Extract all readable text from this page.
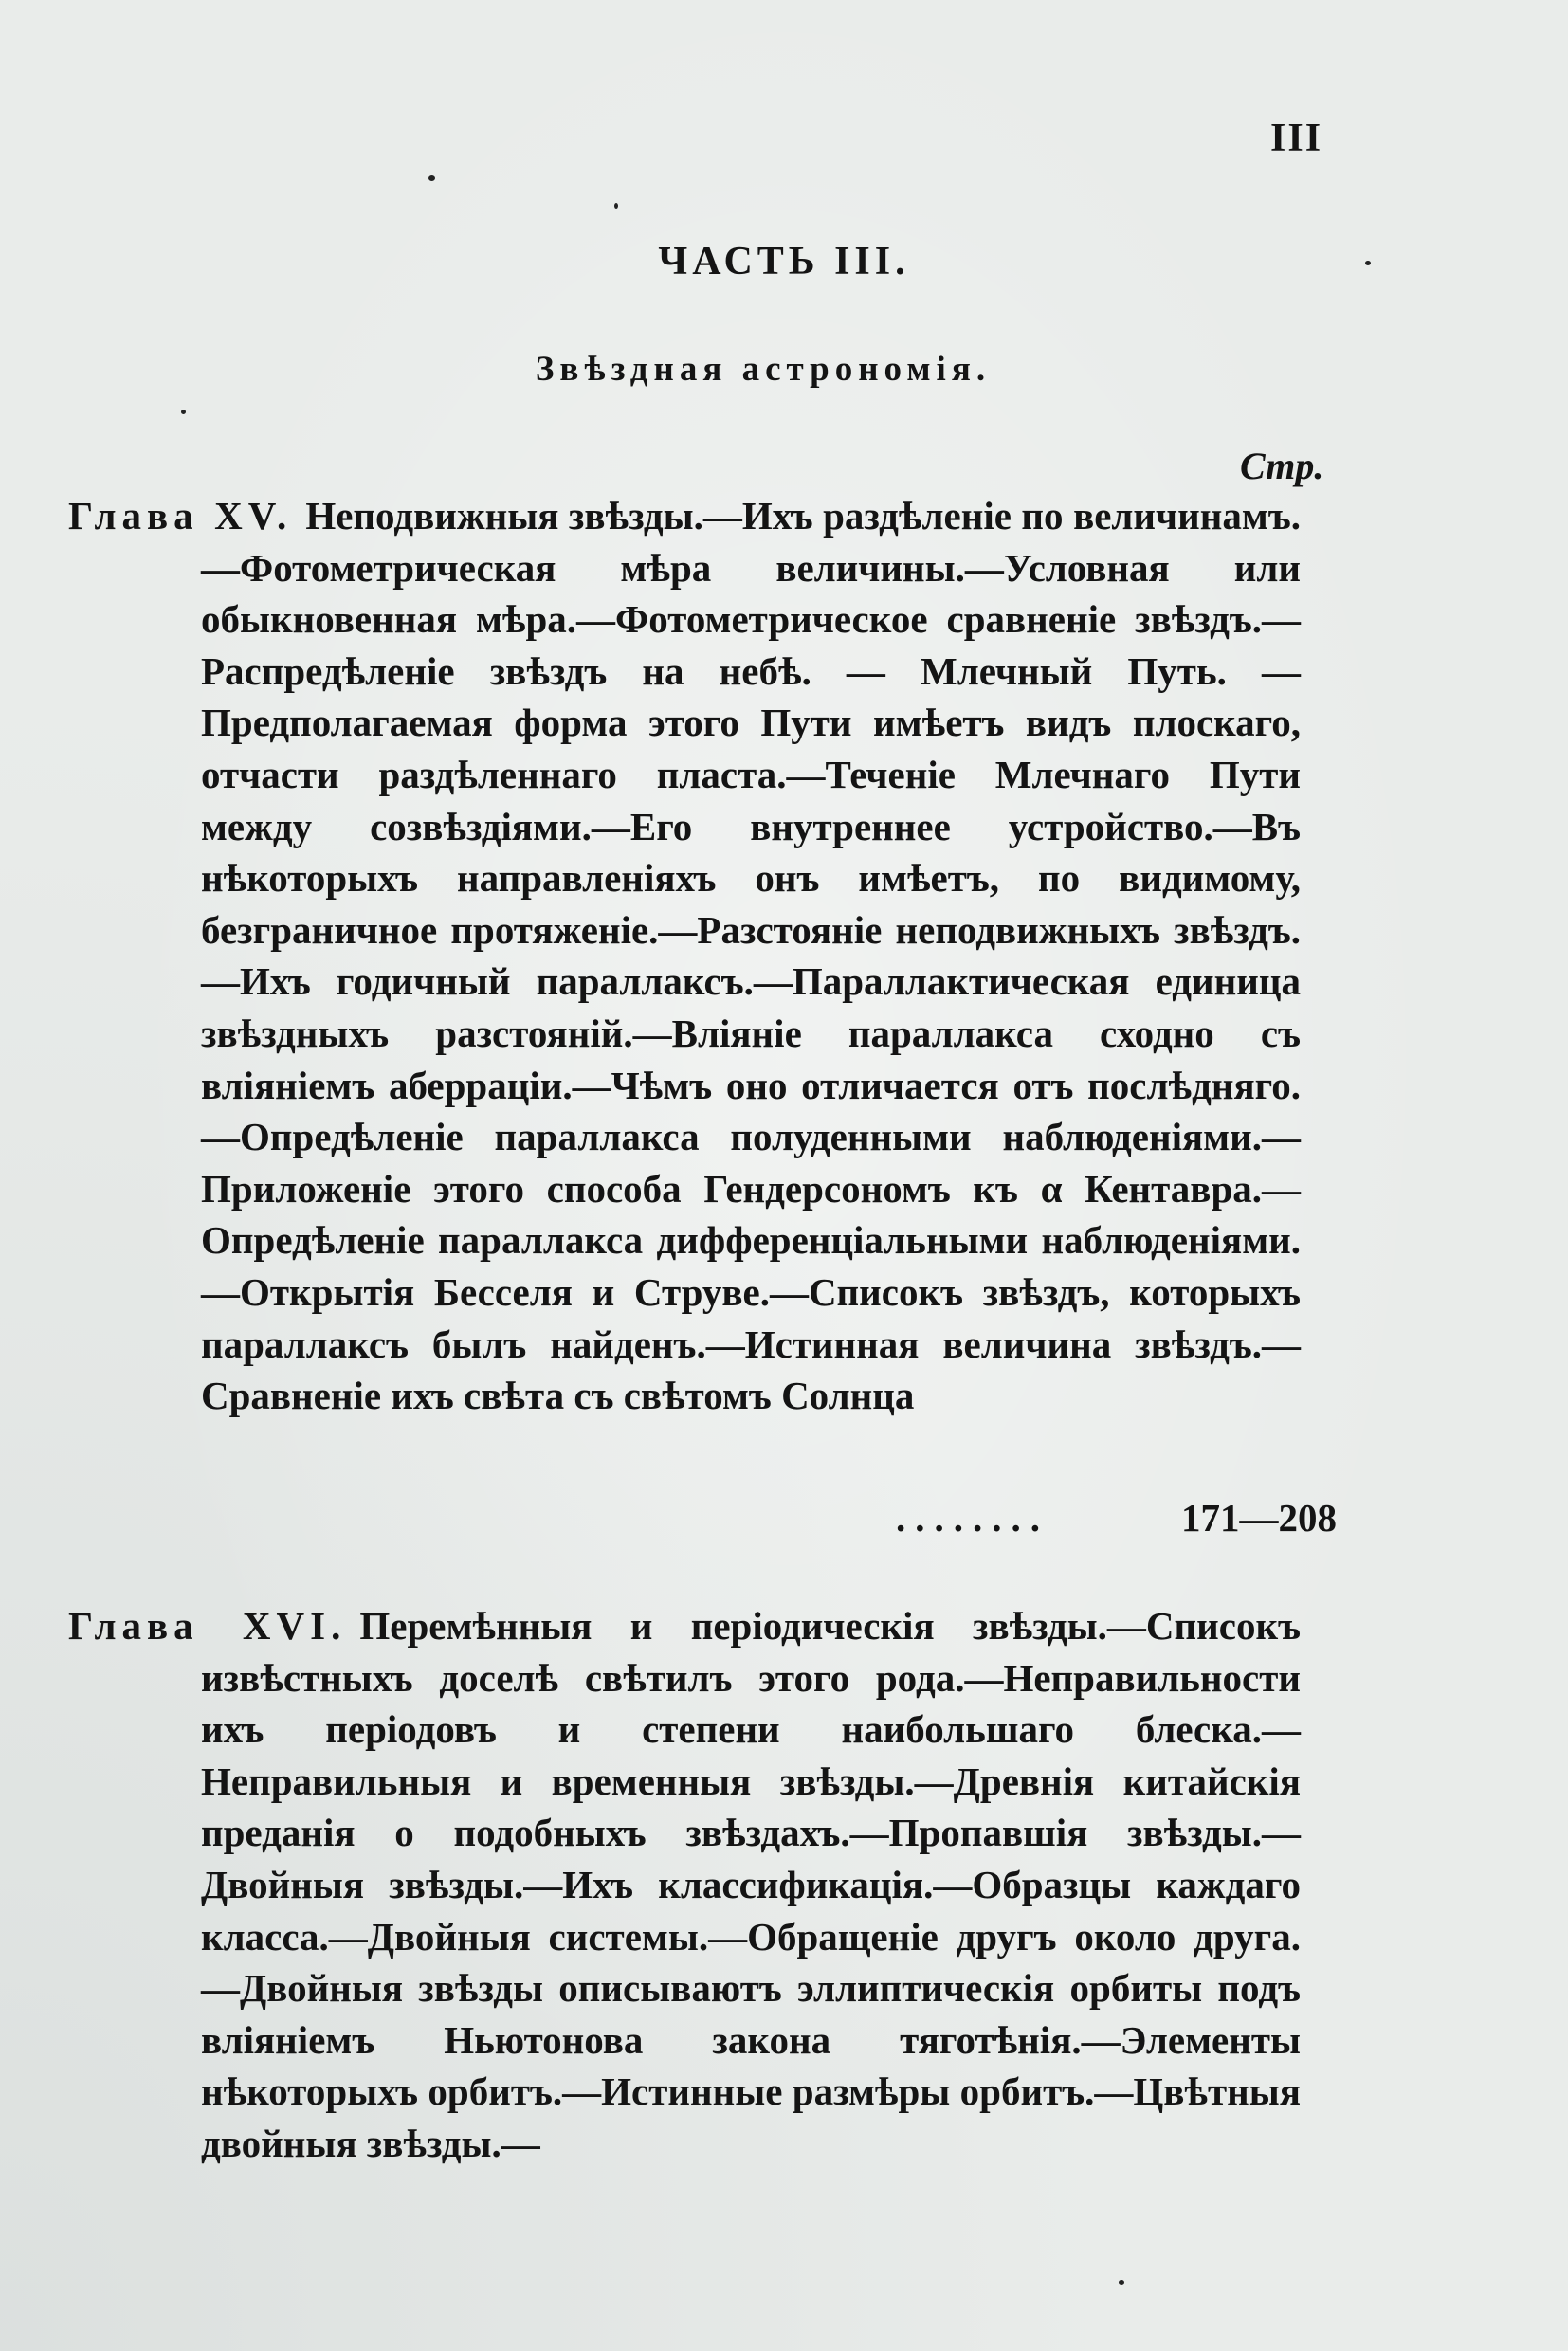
III
ЧАСТЬ III.
Звѣздная астрономія.
Стр.

Глава XV. Неподвижныя звѣзды.—Ихъ раздѣленіе по величинамъ.—Фотометрическая мѣра величины.—Условная или обыкновенная мѣра.—Фотометрическое сравненіе звѣздъ.—Распредѣленіе звѣздъ на небѣ. — Млечный Путь. — Предполагаемая форма этого Пути имѣетъ видъ плоскаго, отчасти раздѣленнаго пласта.—Теченіе Млечнаго Пути между созвѣздіями.—Его внутреннее устройство.—Въ нѣкоторыхъ направленіяхъ онъ имѣетъ, по видимому, безграничное протяженіе.—Разстояніе неподвижныхъ звѣздъ.—Ихъ годичный параллаксъ.—Параллактическая единица звѣздныхъ разстояній.—Вліяніе параллакса сходно съ вліяніемъ аберраціи.—Чѣмъ оно отличается отъ послѣдняго.—Опредѣленіе параллакса полуденными наблюденіями.—Приложеніе этого способа Гендерсономъ къ α Кентавра.—Опредѣленіе параллакса дифференціальными наблюденіями.—Открытія Бесселя и Струве.—Списокъ звѣздъ, которыхъ параллаксъ былъ найденъ.—Истинная величина звѣздъ.—Сравненіе ихъ свѣта съ свѣтомъ Солнца

........	171—208

Глава XVI. Перемѣнныя и періодическія звѣзды.—Списокъ извѣстныхъ доселѣ свѣтилъ этого рода.—Неправильности ихъ періодовъ и степени наибольшаго блеска.—Неправильныя и временныя звѣзды.—Древнія китайскія преданія о подобныхъ звѣздахъ.—Пропавшія звѣзды.—Двойныя звѣзды.—Ихъ классификація.—Образцы каждаго класса.—Двойныя системы.—Обращеніе другъ около друга.—Двойныя звѣзды описываютъ эллиптическія орбиты подъ вліяніемъ Ньютонова закона тяготѣнія.—Элементы нѣкоторыхъ орбитъ.—Истинные размѣры орбитъ.—Цвѣтныя двойныя звѣзды.—
